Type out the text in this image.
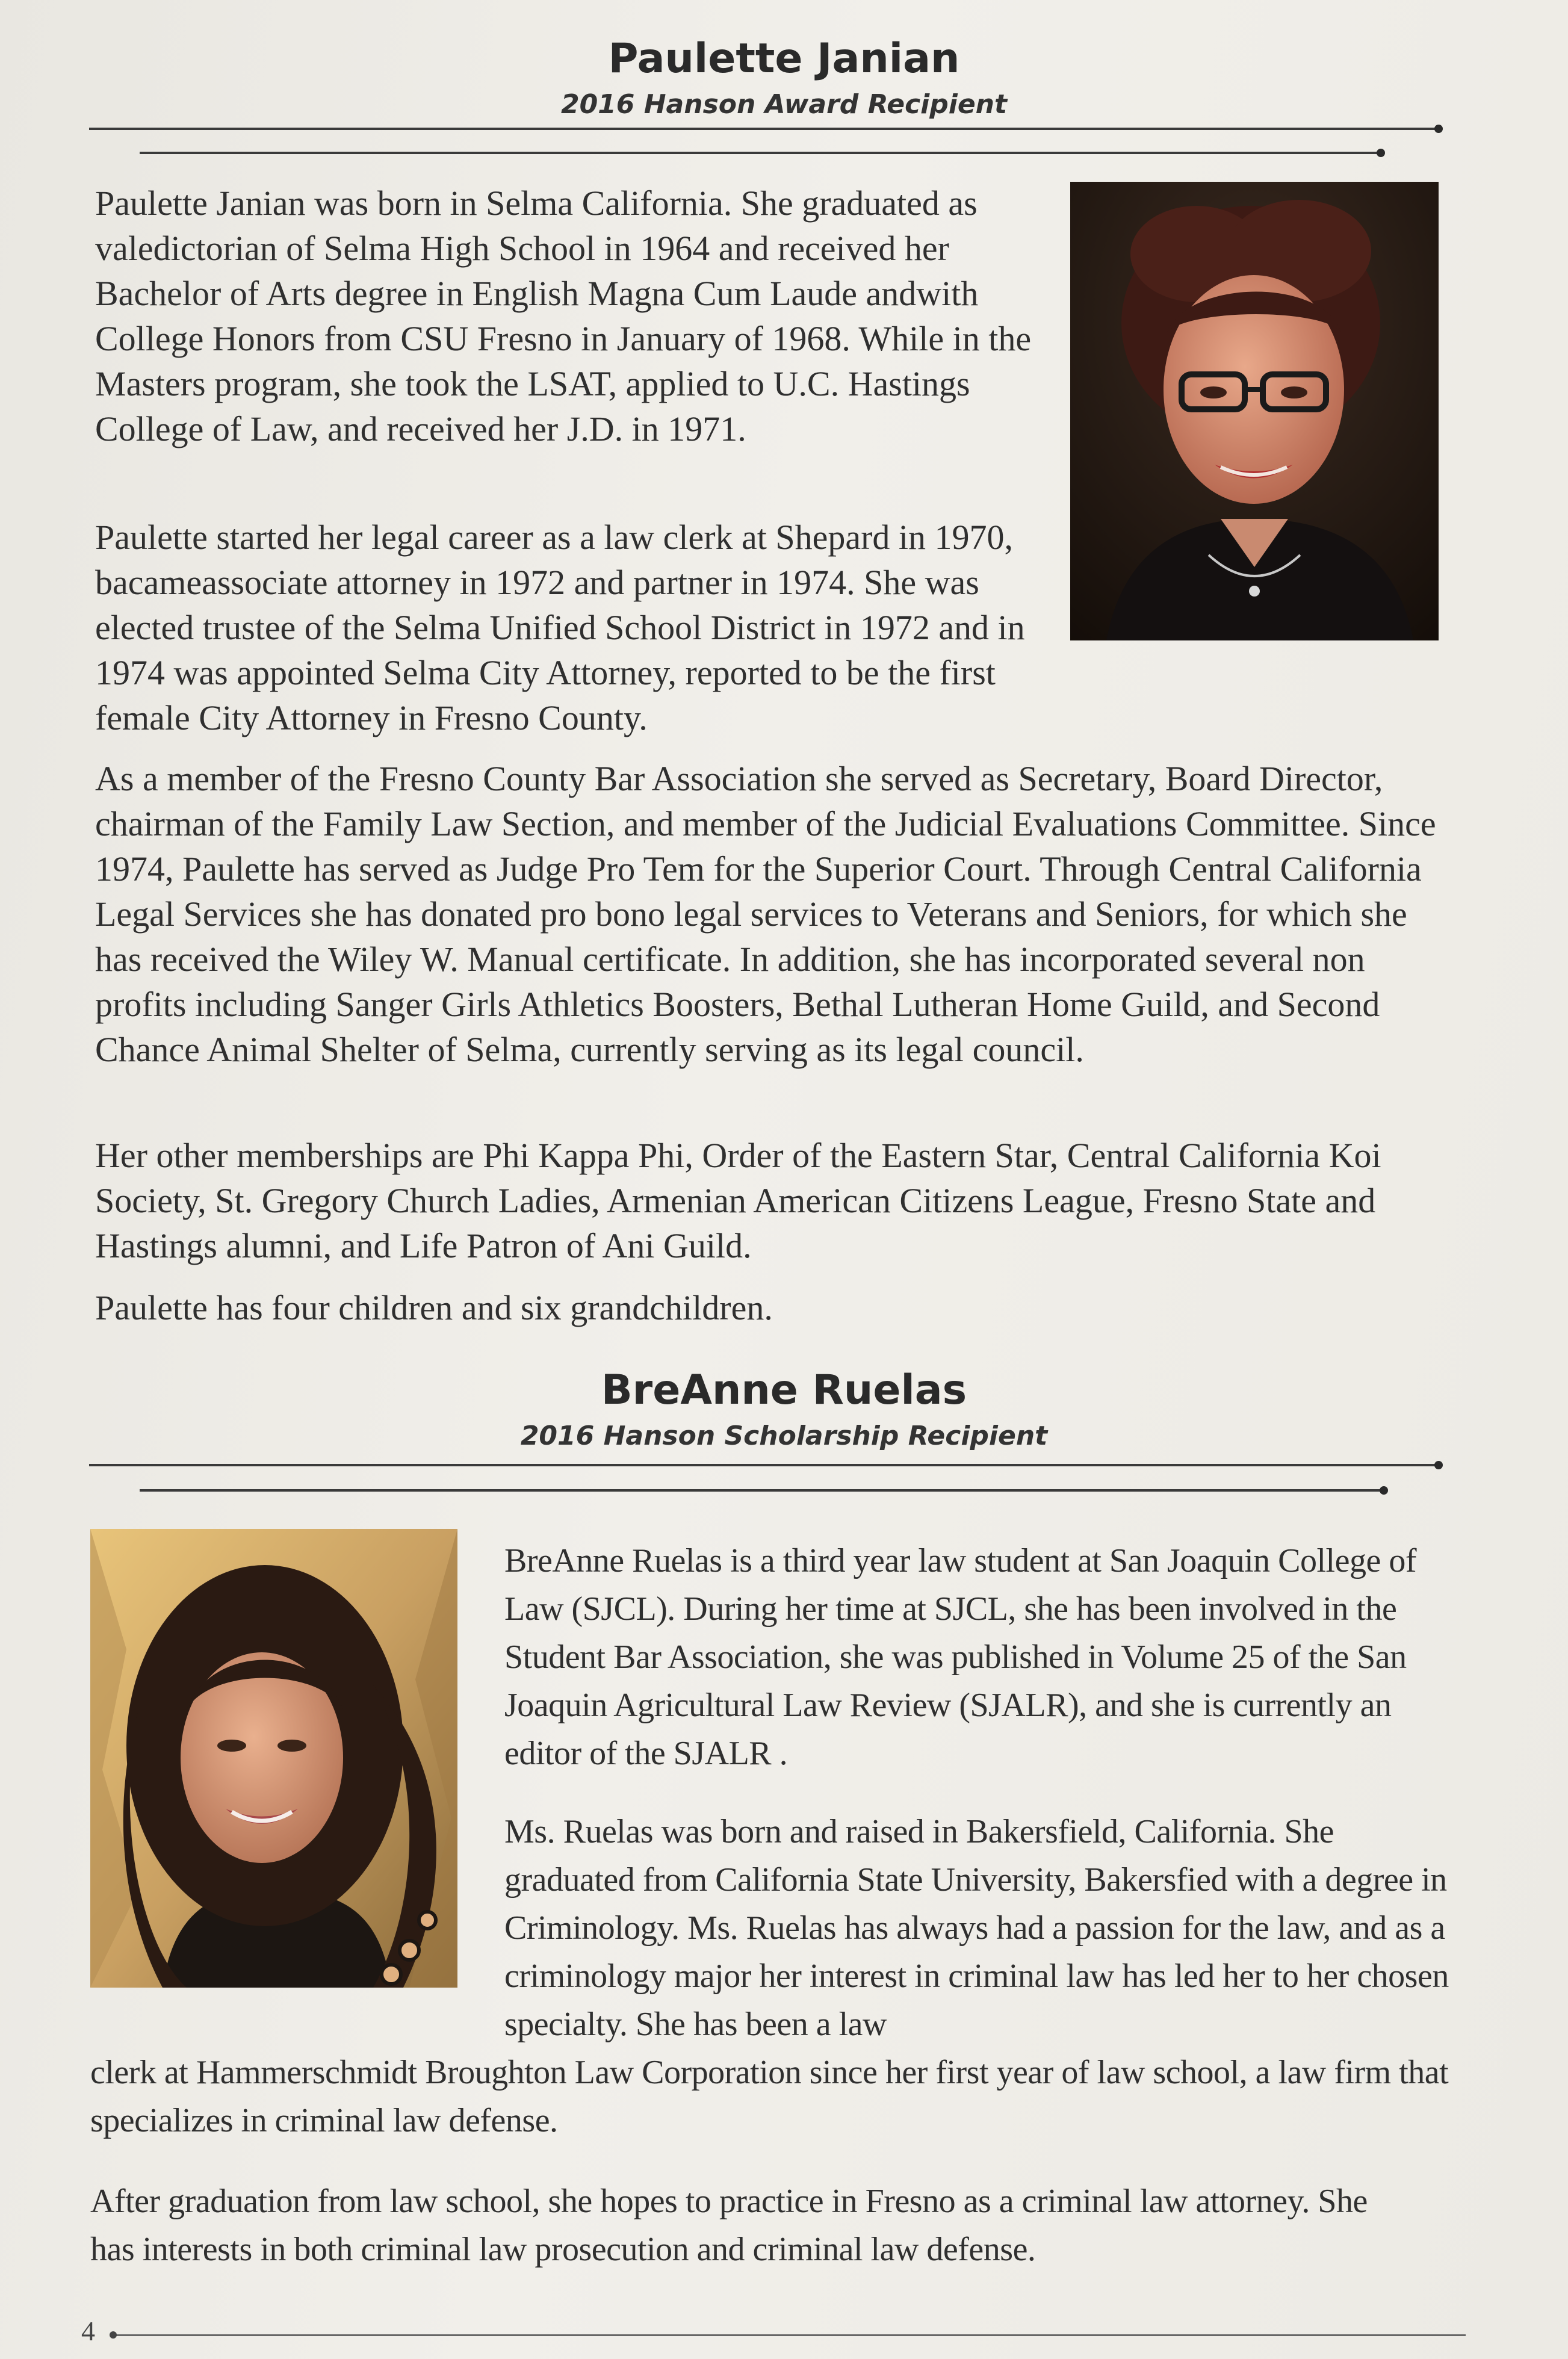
Paulette Janian
2016 Hanson Award Recipient

Paulette Janian was born in Selma California. She graduated as valedictorian of Selma High School in 1964 and received her Bachelor of Arts degree in English Magna Cum Laude andwith College Honors from CSU Fresno in January of 1968. While in the Masters program, she took the LSAT, applied to U.C. Hastings College of Law, and received her J.D. in 1971.

Paulette started her legal career as a law clerk at Shepard in 1970, bacameassociate attorney in 1972 and partner in 1974. She was elected trustee of the Selma Unified School District in 1972 and in 1974 was appointed Selma City Attorney, reported to be the first female City Attorney in Fresno County.

As a member of the Fresno County Bar Association she served as Secretary, Board Director, chairman of the Family Law Section, and member of the Judicial Evaluations Committee. Since 1974, Paulette has served as Judge Pro Tem for the Superior Court. Through Central California Legal Services she has donated pro bono legal services to Veterans and Seniors, for which she has received the Wiley W. Manual certificate. In addition, she has incorporated several non profits including Sanger Girls Athletics Boosters, Bethal Lutheran Home Guild, and Second Chance Animal Shelter of Selma, currently serving as its legal council.

Her other memberships are Phi Kappa Phi, Order of the Eastern Star, Central California Koi Society, St. Gregory Church Ladies, Armenian American Citizens League, Fresno State and Hastings alumni, and Life Patron of Ani Guild.

Paulette has four children and six grandchildren.

BreAnne Ruelas
2016 Hanson Scholarship Recipient

BreAnne Ruelas is a third year law student at San Joaquin College of Law (SJCL). During her time at SJCL, she has been involved in the Student Bar Association, she was published in Volume 25 of the San Joaquin Agricultural Law Review (SJALR), and she is currently an editor of the SJALR .

Ms. Ruelas was born and raised in Bakersfield, California. She graduated from California State University, Bakersfied with a degree in Criminology. Ms. Ruelas has always had a passion for the law, and as a criminology major her interest in criminal law has led her to her chosen specialty. She has been a law

clerk at Hammerschmidt Broughton Law Corporation since her first year of law school, a law firm that specializes in criminal law defense.

After graduation from law school, she hopes to practice in Fresno as a criminal law attorney. She has interests in both criminal law prosecution and criminal law defense.

4
